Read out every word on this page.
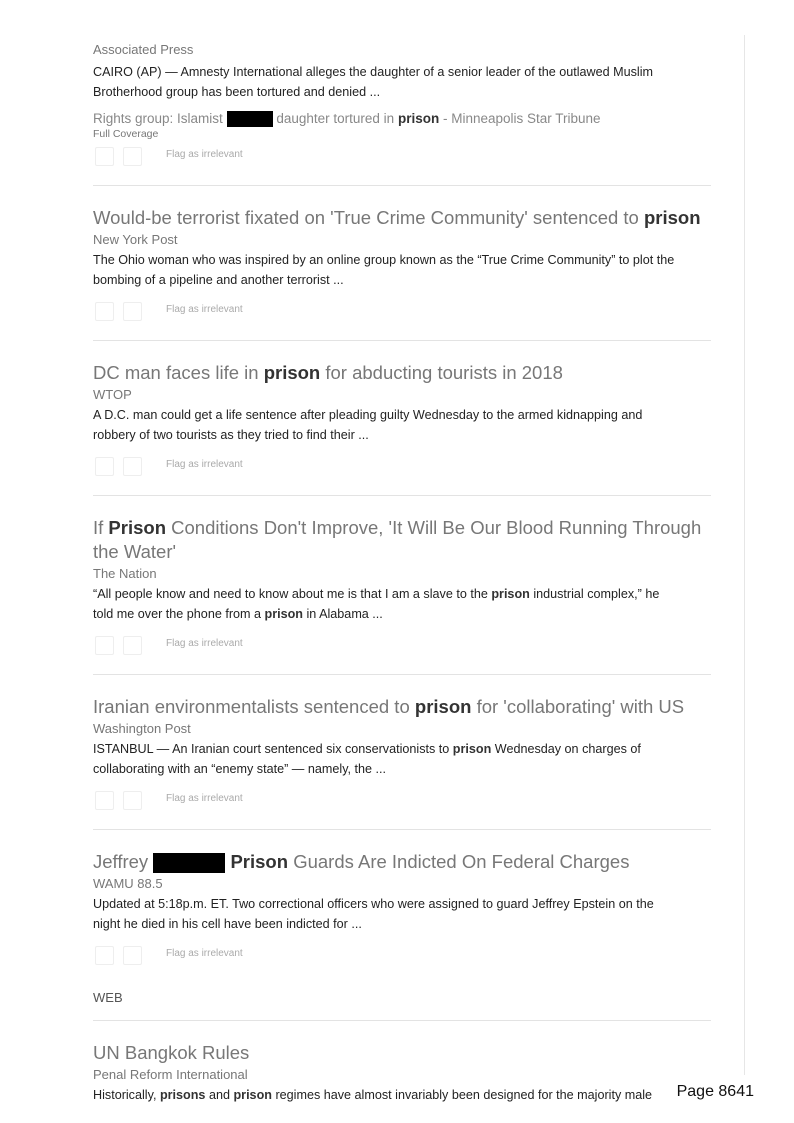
Associated Press
CAIRO (AP) — Amnesty International alleges the daughter of a senior leader of the outlawed Muslim
Brotherhood group has been tortured and denied ...
Rights group: Islamist	daughter tortured in prison - Minneapolis Star Tribune
Full Coverage
Flag as irrelevant
Would-be terrorist fixated on 'True Crime Community' sentenced to prison
New York Post
The Ohio woman who was inspired by an online group known as the “True Crime Community” to plot the
bombing of a pipeline and another terrorist ...
Flag as irrelevant
DC man faces life in prison for abducting tourists in 2018
WTOP
A D.C. man could get a life sentence after pleading guilty Wednesday to the armed kidnapping and
robbery of two tourists as they tried to find their ...
Flag as irrelevant
If Prison Conditions Don't Improve, 'It Will Be Our Blood Running Through
the Water'
The Nation
“All people know and need to know about me is that I am a slave to the prison industrial complex,” he
told me over the phone from a prison in Alabama ...
Flag as irrelevant
Iranian environmentalists sentenced to prison for 'collaborating' with US
Washington Post
ISTANBUL — An Iranian court sentenced six conservationists to prison Wednesday on charges of
collaborating with an “enemy state” — namely, the ...
Flag as irrelevant
Jeffrey	Prison Guards Are Indicted On Federal Charges
WAMU 88.5
Updated at 5:18p.m. ET. Two correctional officers who were assigned to guard Jeffrey Epstein on the
night he died in his cell have been indicted for ...
Flag as irrelevant
WEB
UN Bangkok Rules
Penal Reform International
Historically, prisons and prison regimes have almost invariably been designed for the majority male	Page 8641
